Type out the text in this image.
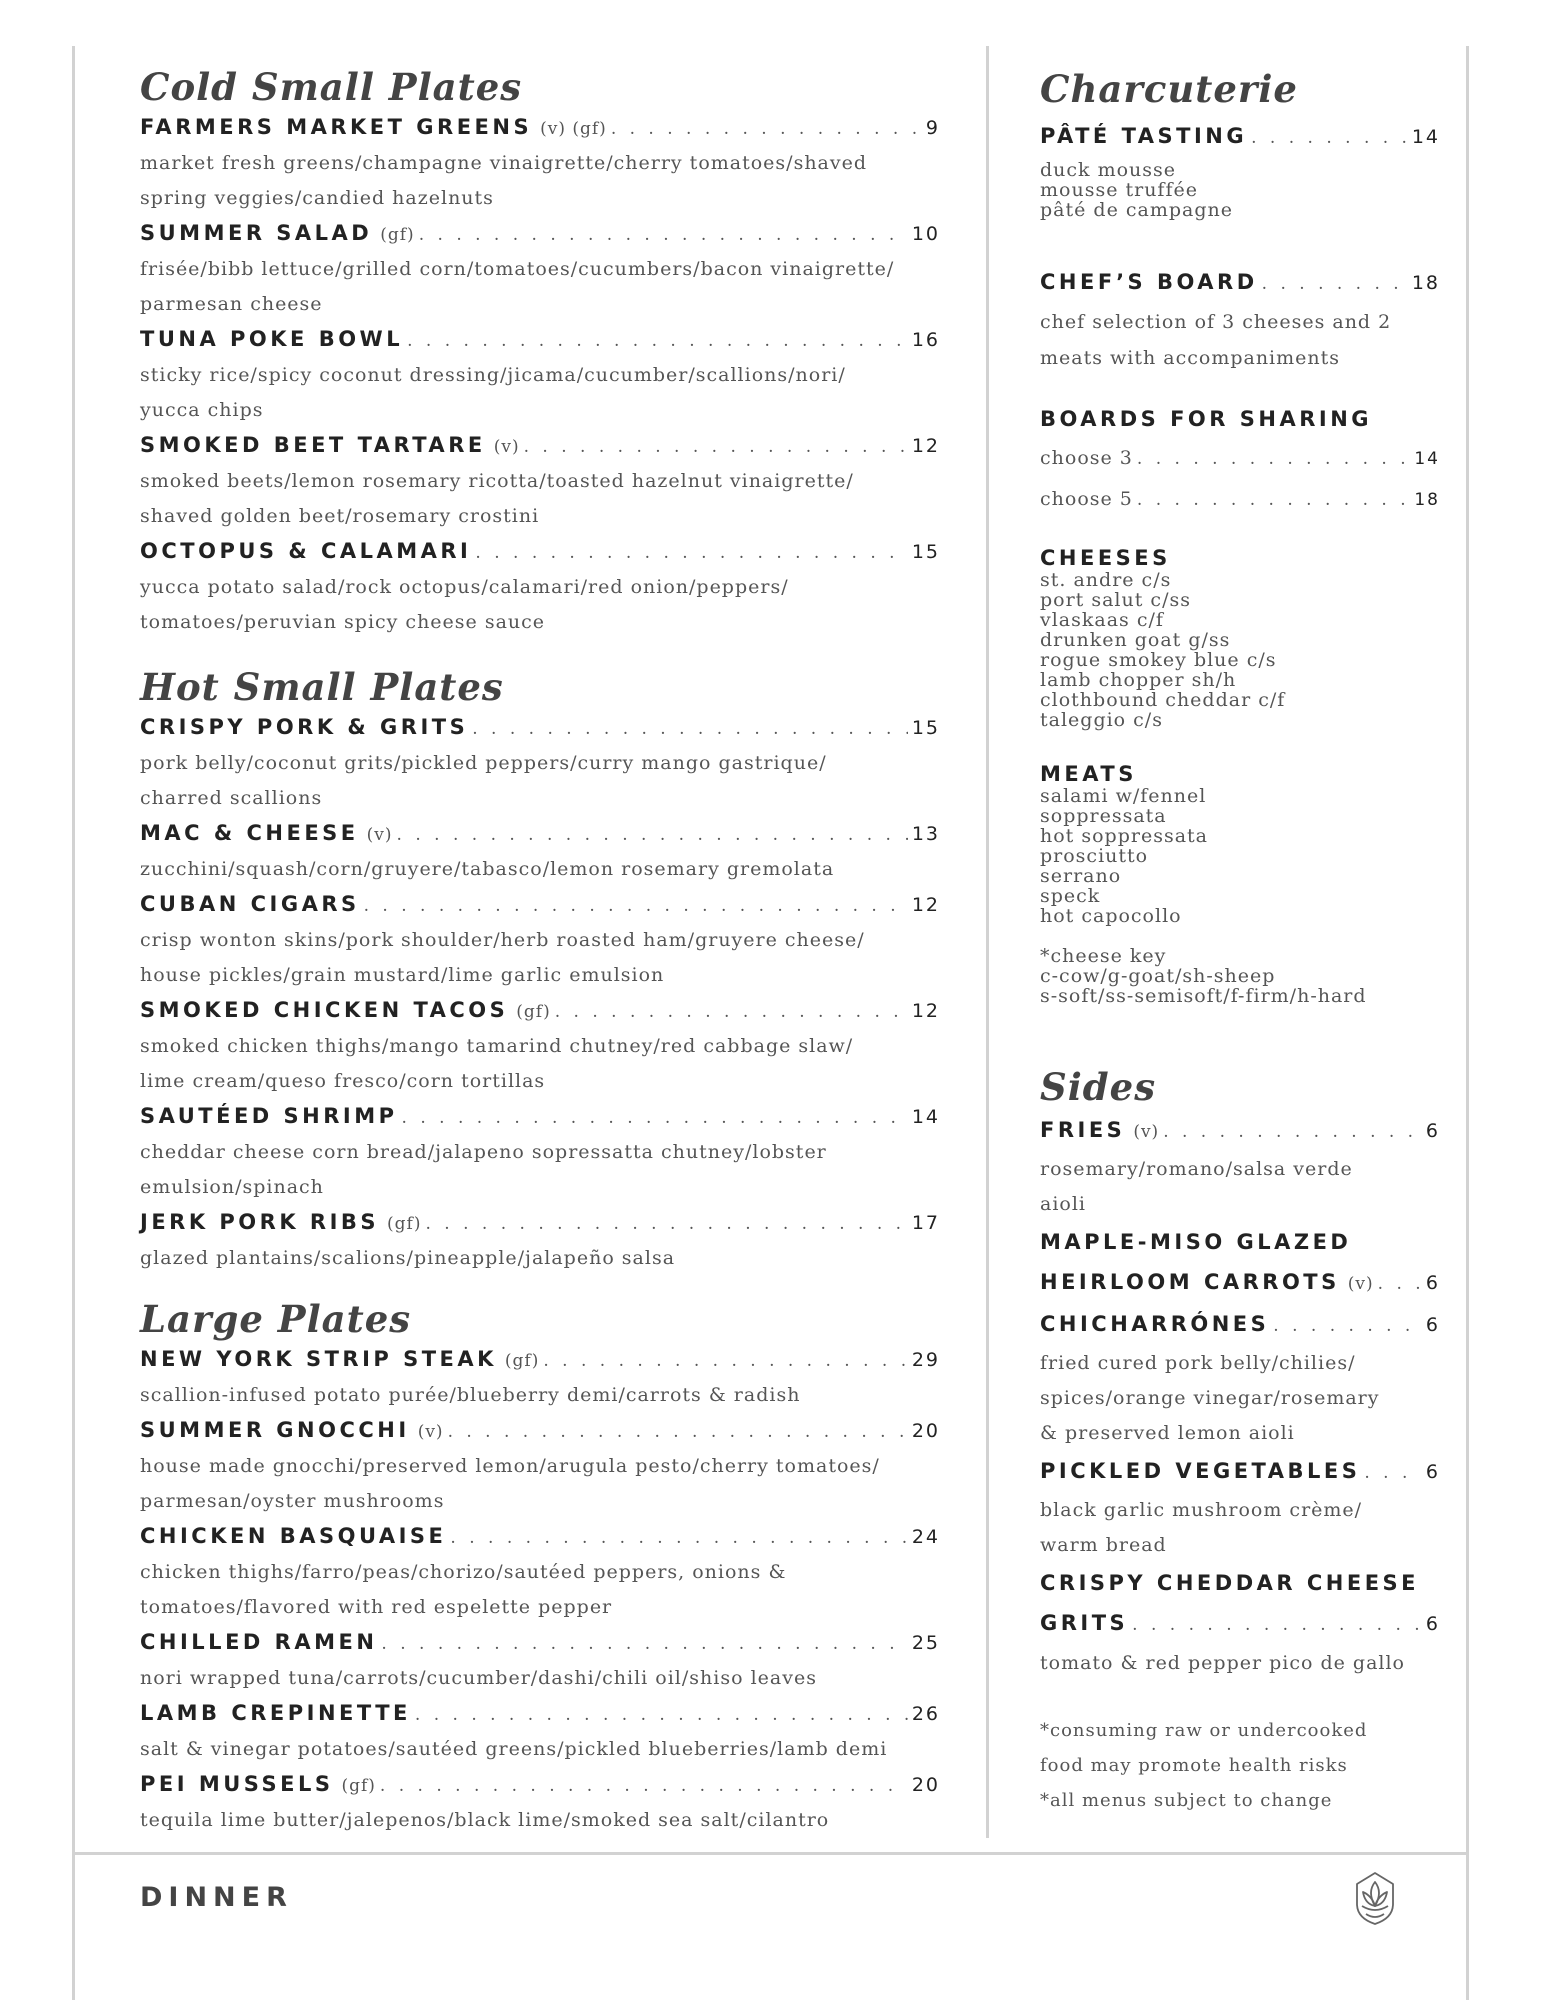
Cold Small Plates
FARMERS MARKET GREENS (v) (gf) . . .	9
market fresh greens/champagne vinaigrette/cherry tomatoes/shaved
spring veggies/candied hazelnuts
SUMMER SALAD (gf) . . .	10
frisée/bibb lettuce/grilled corn/tomatoes/cucumbers/bacon vinaigrette/
parmesan cheese
TUNA POKE BOWL . . .	16
sticky rice/spicy coconut dressing/jicama/cucumber/scallions/nori/
yucca chips
SMOKED BEET TARTARE (v) . . .	12
smoked beets/lemon rosemary ricotta/toasted hazelnut vinaigrette/
shaved golden beet/rosemary crostini
OCTOPUS & CALAMARI . . .	15
yucca potato salad/rock octopus/calamari/red onion/peppers/
tomatoes/peruvian spicy cheese sauce
Hot Small Plates
CRISPY PORK & GRITS . . .	15
pork belly/coconut grits/pickled peppers/curry mango gastrique/
charred scallions
MAC & CHEESE (v) . . .	13
zucchini/squash/corn/gruyere/tabasco/lemon rosemary gremolata
CUBAN CIGARS . . .	12
crisp wonton skins/pork shoulder/herb roasted ham/gruyere cheese/
house pickles/grain mustard/lime garlic emulsion
SMOKED CHICKEN TACOS (gf) . . .	12
smoked chicken thighs/mango tamarind chutney/red cabbage slaw/
lime cream/queso fresco/corn tortillas
SAUTÉED SHRIMP . . .	14
cheddar cheese corn bread/jalapeno sopressatta chutney/lobster
emulsion/spinach
JERK PORK RIBS (gf) . . .	17
glazed plantains/scalions/pineapple/jalapeño salsa
Large Plates
NEW YORK STRIP STEAK (gf) . . .	29
scallion-infused potato purée/blueberry demi/carrots & radish
SUMMER GNOCCHI (v) . . .	20
house made gnocchi/preserved lemon/arugula pesto/cherry tomatoes/
parmesan/oyster mushrooms
CHICKEN BASQUAISE . . .	24
chicken thighs/farro/peas/chorizo/sautéed peppers, onions &
tomatoes/flavored with red espelette pepper
CHILLED RAMEN . . .	25
nori wrapped tuna/carrots/cucumber/dashi/chili oil/shiso leaves
LAMB CREPINETTE . . .	26
salt & vinegar potatoes/sautéed greens/pickled blueberries/lamb demi
PEI MUSSELS (gf) . . .	20
tequila lime butter/jalepenos/black lime/smoked sea salt/cilantro
Charcuterie
PÂTÉ TASTING . . .	14
duck mousse
mousse truffée
pâté de campagne
CHEF’S BOARD . . .	18
chef selection of 3 cheeses and 2
meats with accompaniments
BOARDS FOR SHARING
choose 3 . . .	14
choose 5 . . .	18
CHEESES
st. andre c/s
port salut c/ss
vlaskaas c/f
drunken goat g/ss
rogue smokey blue c/s
lamb chopper sh/h
clothbound cheddar c/f
taleggio c/s
MEATS
salami w/fennel
soppressata
hot soppressata
prosciutto
serrano
speck
hot capocollo
*cheese key
c-cow/g-goat/sh-sheep
s-soft/ss-semisoft/f-firm/h-hard
Sides
FRIES (v) . . .	6
rosemary/romano/salsa verde
aioli
MAPLE-MISO GLAZED
HEIRLOOM CARROTS (v) . . .	6
CHICHARRÓNES . . .	6
fried cured pork belly/chilies/
spices/orange vinegar/rosemary
& preserved lemon aioli
PICKLED VEGETABLES . . .	6
black garlic mushroom crème/
warm bread
CRISPY CHEDDAR CHEESE
GRITS . . .	6
tomato & red pepper pico de gallo
*consuming raw or undercooked
food may promote health risks
*all menus subject to change
DINNER
